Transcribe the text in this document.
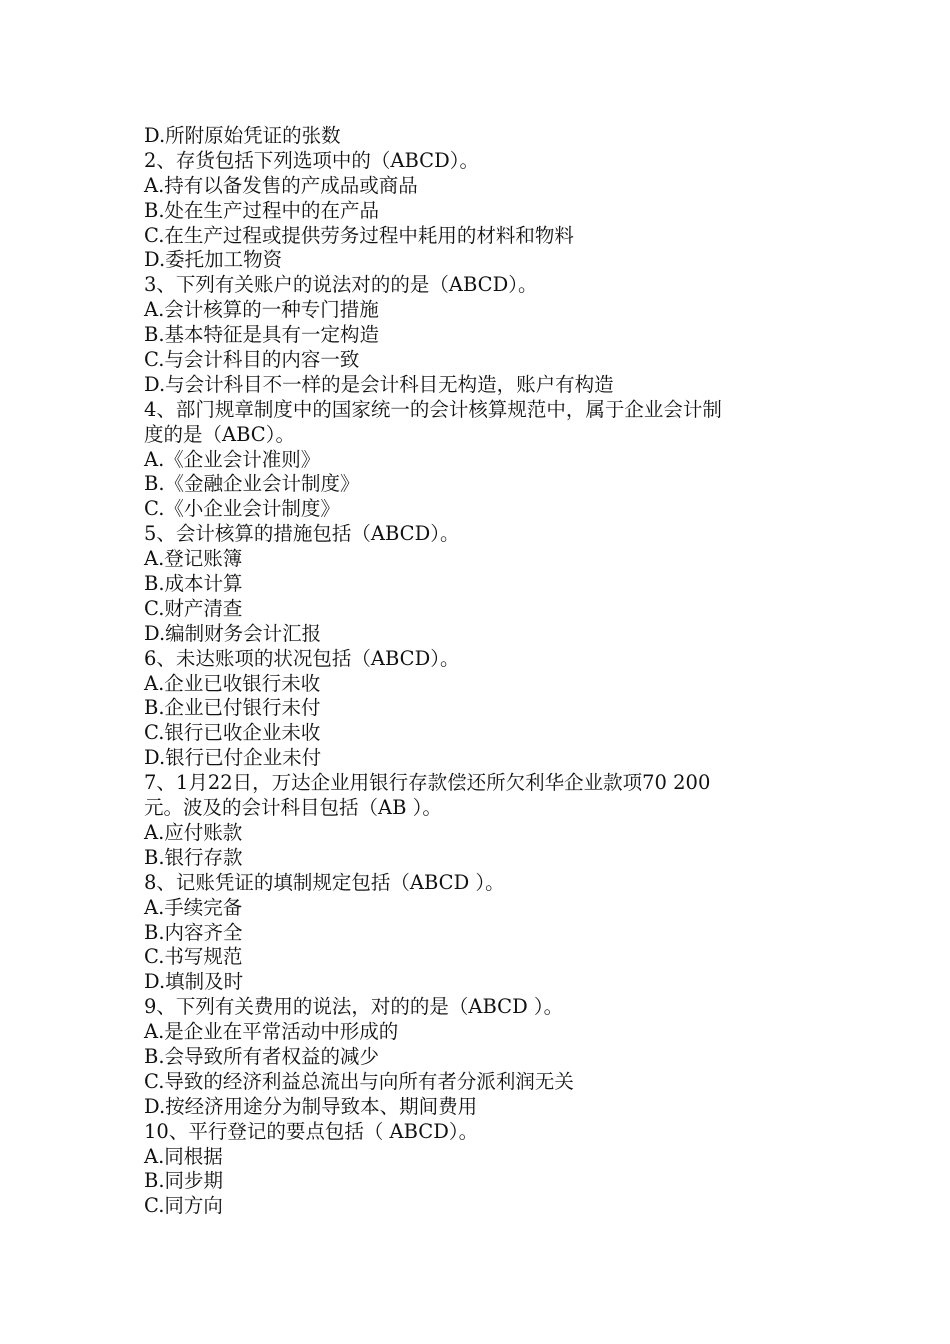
D.所附原始凭证的张数
2、存货包括下列选项中的（ABCD）。
A.持有以备发售的产成品或商品
B.处在生产过程中的在产品
C.在生产过程或提供劳务过程中耗用的材料和物料
D.委托加工物资
3、下列有关账户的说法对的的是（ABCD）。
A.会计核算的一种专门措施
B.基本特征是具有一定构造
C.与会计科目的内容一致
D.与会计科目不一样的是会计科目无构造，账户有构造
4、部门规章制度中的国家统一的会计核算规范中，属于企业会计制
度的是（ABC）。
A.《企业会计准则》
B.《金融企业会计制度》
C.《小企业会计制度》
5、会计核算的措施包括（ABCD）。
A.登记账簿
B.成本计算
C.财产清查
D.编制财务会计汇报
6、未达账项的状况包括（ABCD）。
A.企业已收银行未收
B.企业已付银行未付
C.银行已收企业未收
D.银行已付企业未付
7、1月22日，万达企业用银行存款偿还所欠利华企业款项70 200
元。波及的会计科目包括（AB ）。
A.应付账款
B.银行存款
8、记账凭证的填制规定包括（ABCD ）。
A.手续完备
B.内容齐全
C.书写规范
D.填制及时
9、下列有关费用的说法，对的的是（ABCD ）。
A.是企业在平常活动中形成的
B.会导致所有者权益的减少
C.导致的经济利益总流出与向所有者分派利润无关
D.按经济用途分为制导致本、期间费用
10、平行登记的要点包括（ ABCD）。
A.同根据
B.同步期
C.同方向
